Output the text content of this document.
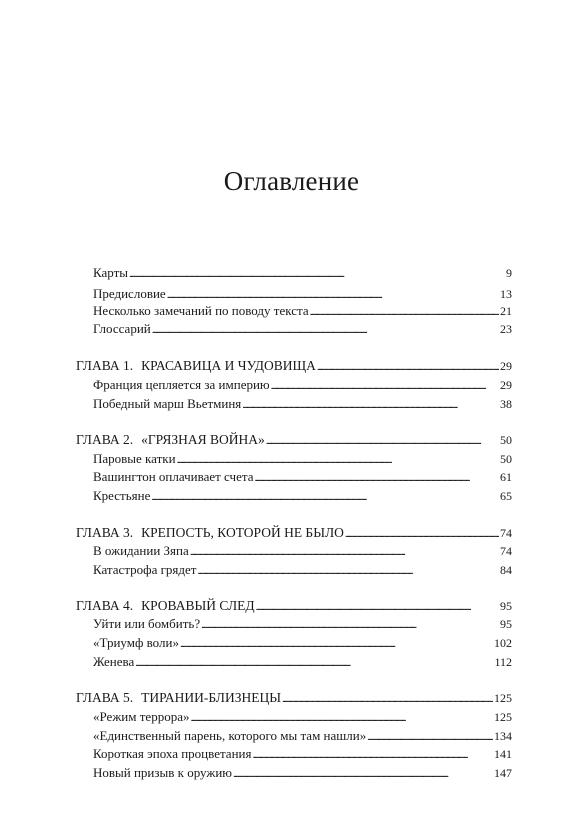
Оглавление
Карты . . .	9
Предисловие . . .	13
Несколько замечаний по поводу текста . . .	21
Глоссарий . . .	23
ГЛАВА 1. КРАСАВИЦА И ЧУДОВИЩА . . .	29
Франция цепляется за империю . . .	29
Победный марш Вьетминя . . .	38
ГЛАВА 2. «ГРЯЗНАЯ ВОЙНА» . . .	50
Паровые катки . . .	50
Вашингтон оплачивает счета . . .	61
Крестьяне . . .	65
ГЛАВА 3. КРЕПОСТЬ, КОТОРОЙ НЕ БЫЛО . . .	74
В ожидании Зяпа . . .	74
Катастрофа грядет . . .	84
ГЛАВА 4. КРОВАВЫЙ СЛЕД . . .	95
Уйти или бомбить? . . .	95
«Триумф воли» . . .	102
Женева . . .	112
ГЛАВА 5. ТИРАНИИ-БЛИЗНЕЦЫ . . .	125
«Режим террора» . . .	125
«Единственный парень, которого мы там нашли» . . .	134
Короткая эпоха процветания . . .	141
Новый призыв к оружию . . .	147
